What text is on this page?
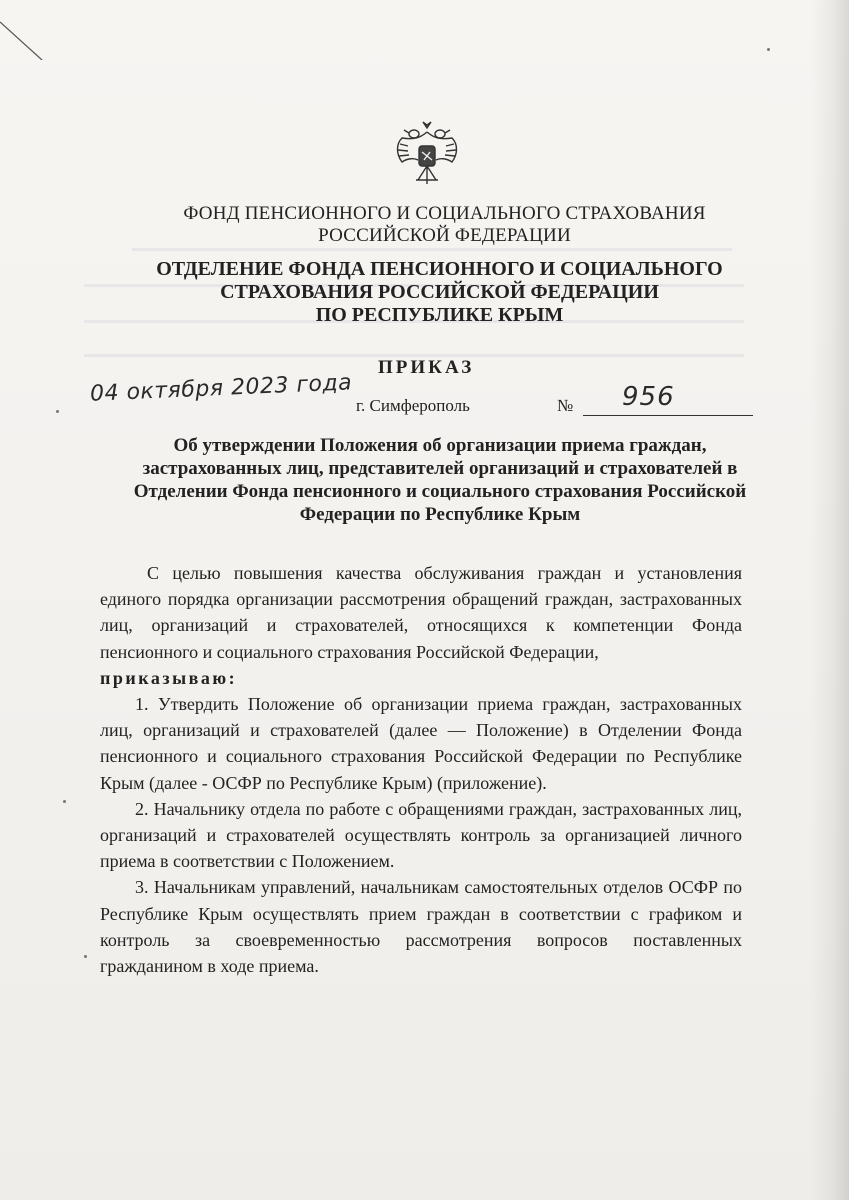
ФОНД ПЕНСИОННОГО И СОЦИАЛЬНОГО СТРАХОВАНИЯ
РОССИЙСКОЙ ФЕДЕРАЦИИ
ОТДЕЛЕНИЕ ФОНДА ПЕНСИОННОГО И СОЦИАЛЬНОГО
СТРАХОВАНИЯ РОССИЙСКОЙ ФЕДЕРАЦИИ
ПО РЕСПУБЛИКЕ КРЫМ
ПРИКАЗ
04 октября 2023 года г. Симферополь	№ 956
Об утверждении Положения об организации приема граждан,
застрахованных лиц, представителей организаций и страхователей в
Отделении Фонда пенсионного и социального страхования Российской
Федерации по Республике Крым

С целью повышения качества обслуживания граждан и установления единого порядка организации рассмотрения обращений граждан, застрахованных лиц, организаций и страхователей, относящихся к компетенции Фонда пенсионного и социального страхования Российской Федерации,
приказываю:

1. Утвердить Положение об организации приема граждан, застрахованных лиц, организаций и страхователей (далее — Положение) в Отделении Фонда пенсионного и социального страхования Российской Федерации по Республике Крым (далее - ОСФР по Республике Крым) (приложение).

2. Начальнику отдела по работе с обращениями граждан, застрахованных лиц, организаций и страхователей осуществлять контроль за организацией личного приема в соответствии с Положением.

3. Начальникам управлений, начальникам самостоятельных отделов ОСФР по Республике Крым осуществлять прием граждан в соответствии с графиком и контроль за своевременностью рассмотрения вопросов поставленных гражданином в ходе приема.
